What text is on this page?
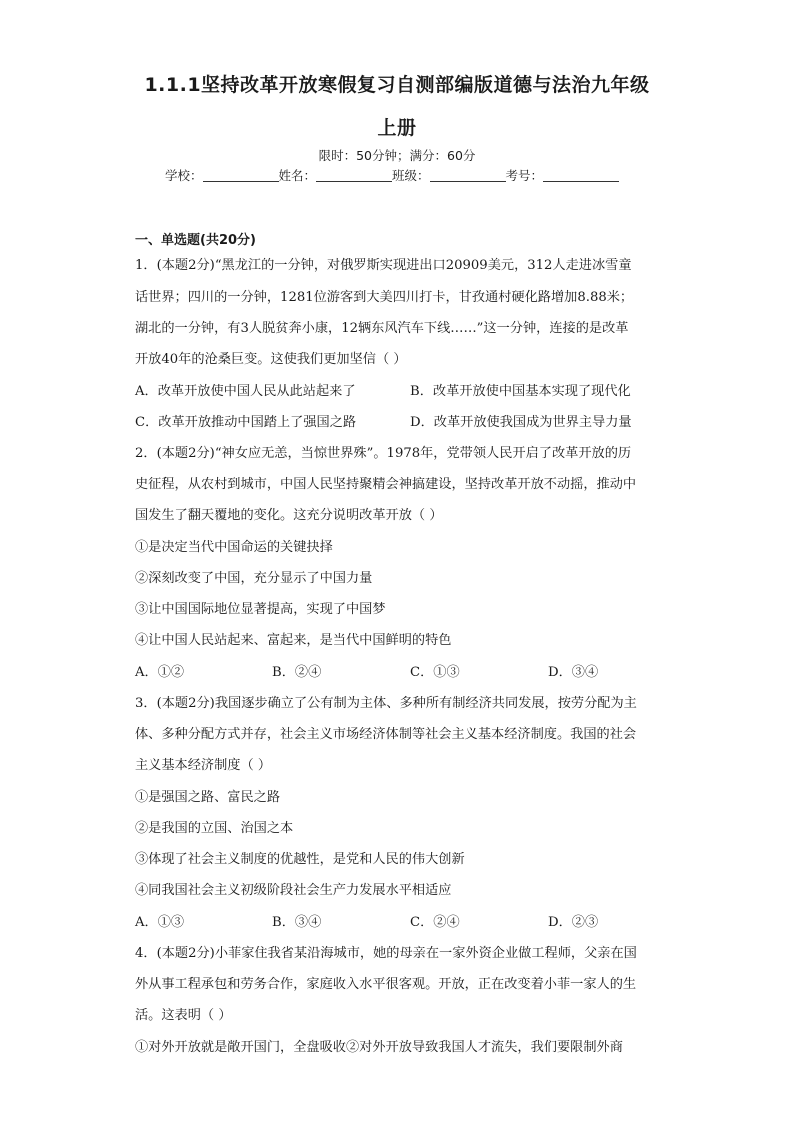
1.1.1坚持改革开放寒假复习自测部编版道德与法治九年级
上册
限时：50分钟；满分：60分
学校：	姓名：	班级：	考号：
一、单选题(共20分)
1．(本题2分)“黑龙江的一分钟，对俄罗斯实现进出口20909美元，312人走进冰雪童
话世界；四川的一分钟，1281位游客到大美四川打卡，甘孜通村硬化路增加8.88米；
湖北的一分钟，有3人脱贫奔小康，12辆东风汽车下线……”这一分钟，连接的是改革
开放40年的沧桑巨变。这使我们更加坚信（ ）
A．改革开放使中国人民从此站起来了	B．改革开放使中国基本实现了现代化
C．改革开放推动中国踏上了强国之路	D．改革开放使我国成为世界主导力量
2．(本题2分)“神女应无恙，当惊世界殊”。1978年，党带领人民开启了改革开放的历
史征程，从农村到城市，中国人民坚持聚精会神搞建设，坚持改革开放不动摇，推动中
国发生了翻天覆地的变化。这充分说明改革开放（ ）
①是决定当代中国命运的关键抉择
②深刻改变了中国，充分显示了中国力量
③让中国国际地位显著提高，实现了中国梦
④让中国人民站起来、富起来，是当代中国鲜明的特色
A．①②	B．②④	C．①③	D．③④
3．(本题2分)我国逐步确立了公有制为主体、多种所有制经济共同发展，按劳分配为主
体、多种分配方式并存，社会主义市场经济体制等社会主义基本经济制度。我国的社会
主义基本经济制度（ ）
①是强国之路、富民之路
②是我国的立国、治国之本
③体现了社会主义制度的优越性，是党和人民的伟大创新
④同我国社会主义初级阶段社会生产力发展水平相适应
A．①③	B．③④	C．②④	D．②③
4．(本题2分)小菲家住我省某沿海城市，她的母亲在一家外资企业做工程师，父亲在国
外从事工程承包和劳务合作，家庭收入水平很客观。开放，正在改变着小菲一家人的生
活。这表明（ ）
①对外开放就是敞开国门，全盘吸收②对外开放导致我国人才流失，我们要限制外商
